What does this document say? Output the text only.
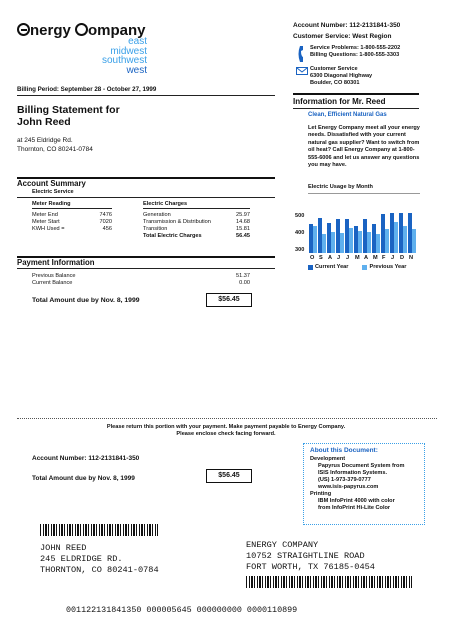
nergy ompany
east
midwest
southwest
west
Billing Period: September 28 - October 27, 1999
Billing Statement for
John Reed
at 245 Eldridge Rd.
Thornton, CO 80241-0784
Account Number: 112-2131841-350
Customer Service: West Region
Service Problems: 1-800-555-2202
Billing Questions: 1-800-555-3303
Customer Service
6300 Diagonal Highway
Boulder, CO 80301
Information for Mr. Reed
Clean, Efficient Natural Gas
Let Energy Company meet all your energy needs. Dissatisfied with your current natural gas supplier? Want to switch from oil heat? Call Energy Company at 1-800-555-6006 and let us answer any questions you may have.
Electric Usage by Month
500
400
300
O S A J	J	M A M F J	D N
Current Year	Previous Year
Account Summary
Electric Service
Meter Reading	Electric Charges
Meter End	7476
Meter Start	7020
KWH Used =	456
Generation	25.97
Transmission & Distribution	14.68
Transition	15.81
Total Electric Charges	56.45
Payment Information
Previous Balance	51.37
Current Balance	0.00
Total Amount due by Nov. 8, 1999	$56.45
Please return this portion with your payment. Make payment payable to Energy Company.
Please enclose check facing forward.
Account Number: 112-2131841-350
Total Amount due by Nov. 8, 1999	$56.45
About this Document:
Development
Papyrus Document System from
ISIS Information Systems.
(US) 1-973-379-0777
www.isis-papyrus.com
Printing
IBM InfoPrint 4000 with color
from InfoPrint Hi-Lite Color
JOHN REED
245 ELDRIDGE RD.
THORNTON, CO 80241-0784
ENERGY COMPANY
10752 STRAIGHTLINE ROAD
FORT WORTH, TX 76185-0454
001122131841350 000005645 000000000 0000110899
